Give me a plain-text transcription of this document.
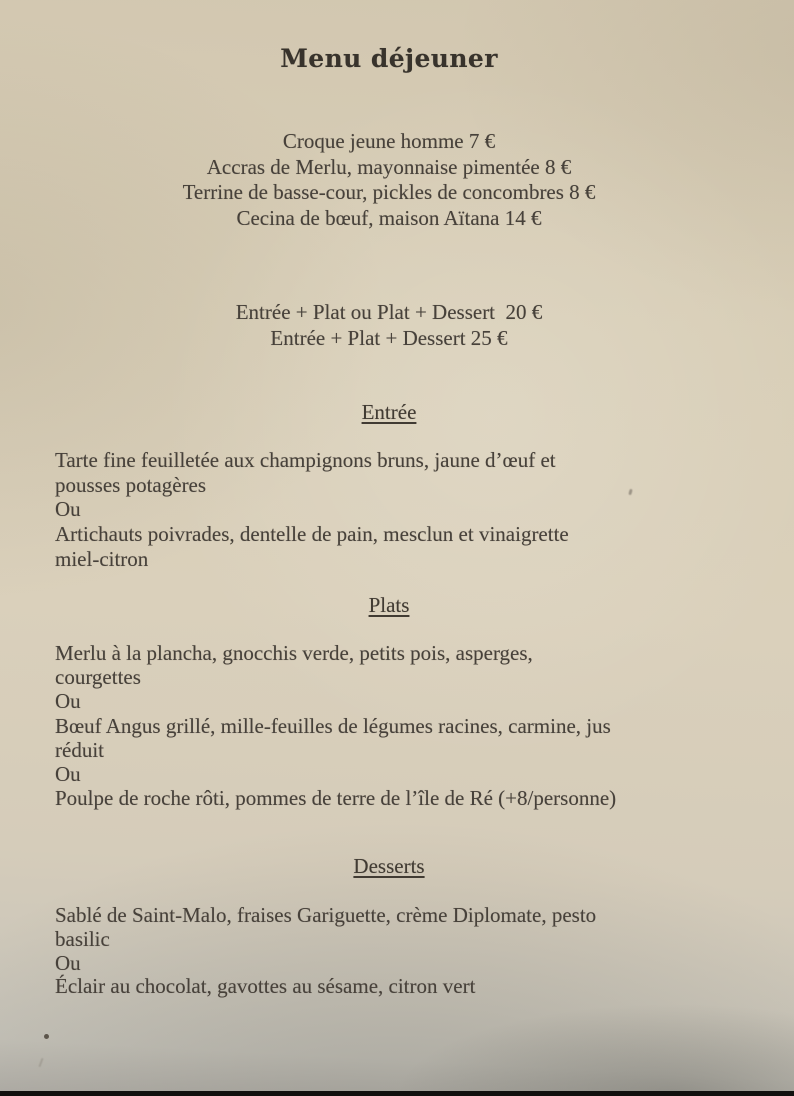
Menu déjeuner
Croque jeune homme 7 €
Accras de Merlu, mayonnaise pimentée 8 €
Terrine de basse-cour, pickles de concombres 8 €
Cecina de bœuf, maison Aïtana 14 €
Entrée + Plat ou Plat + Dessert  20 €
Entrée + Plat + Dessert 25 €
Entrée
Tarte fine feuilletée aux champignons bruns, jaune d’œuf et
pousses potagères
Ou
Artichauts poivrades, dentelle de pain, mesclun et vinaigrette
miel-citron
Plats
Merlu à la plancha, gnocchis verde, petits pois, asperges,
courgettes
Ou
Bœuf Angus grillé, mille-feuilles de légumes racines, carmine, jus
réduit
Ou
Poulpe de roche rôti, pommes de terre de l’île de Ré (+8/personne)
Desserts
Sablé de Saint-Malo, fraises Gariguette, crème Diplomate, pesto
basilic
Ou
Éclair au chocolat, gavottes au sésame, citron vert
